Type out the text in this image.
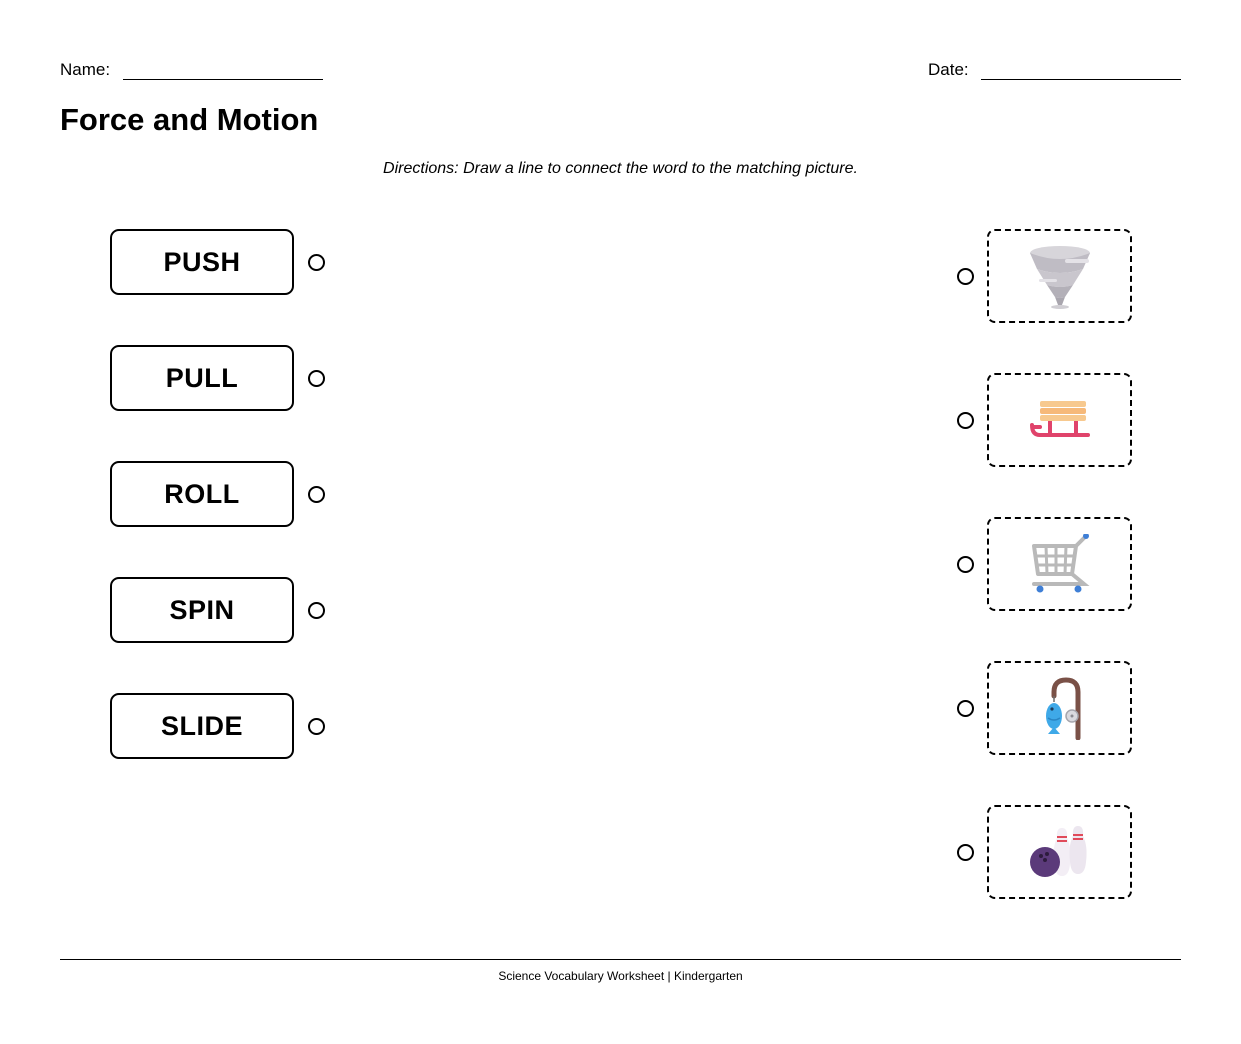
Name:	Date:
Force and Motion
Directions: Draw a line to connect the word to the matching picture.
PUSH
PULL
ROLL
SPIN
SLIDE
Science Vocabulary Worksheet | Kindergarten
